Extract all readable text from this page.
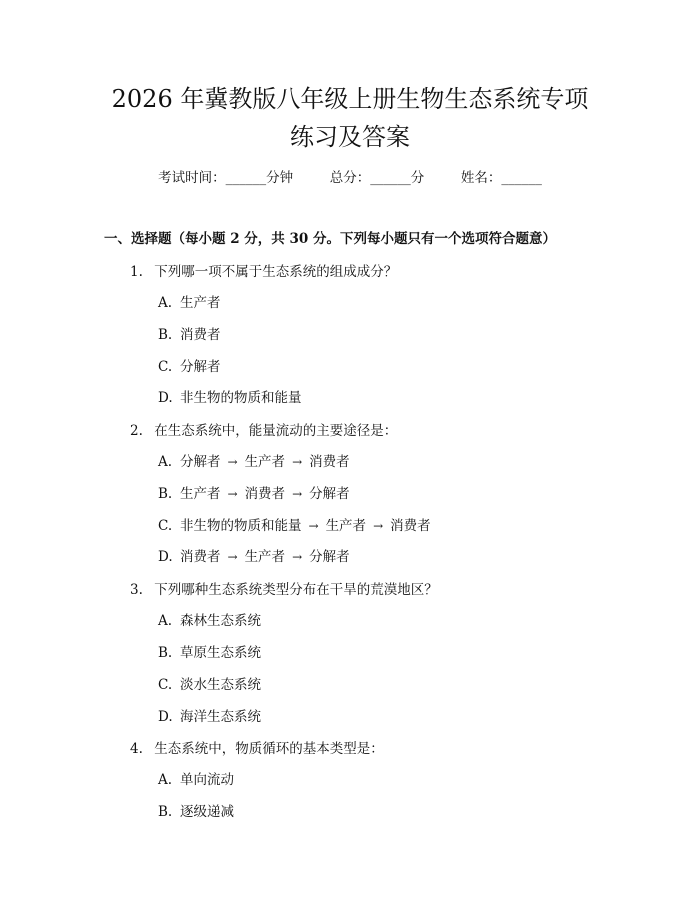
2026 年冀教版八年级上册生物生态系统专项
练习及答案
考试时间：______分钟	总分：______分	姓名：______
一、选择题（每小题 2 分，共 30 分。下列每小题只有一个选项符合题意）
1. 下列哪一项不属于生态系统的组成成分？
A. 生产者
B. 消费者
C. 分解者
D. 非生物的物质和能量
2. 在生态系统中，能量流动的主要途径是：
A. 分解者 → 生产者 → 消费者
B. 生产者 → 消费者 → 分解者
C. 非生物的物质和能量 → 生产者 → 消费者
D. 消费者 → 生产者 → 分解者
3. 下列哪种生态系统类型分布在干旱的荒漠地区？
A. 森林生态系统
B. 草原生态系统
C. 淡水生态系统
D. 海洋生态系统
4. 生态系统中，物质循环的基本类型是：
A. 单向流动
B. 逐级递减
